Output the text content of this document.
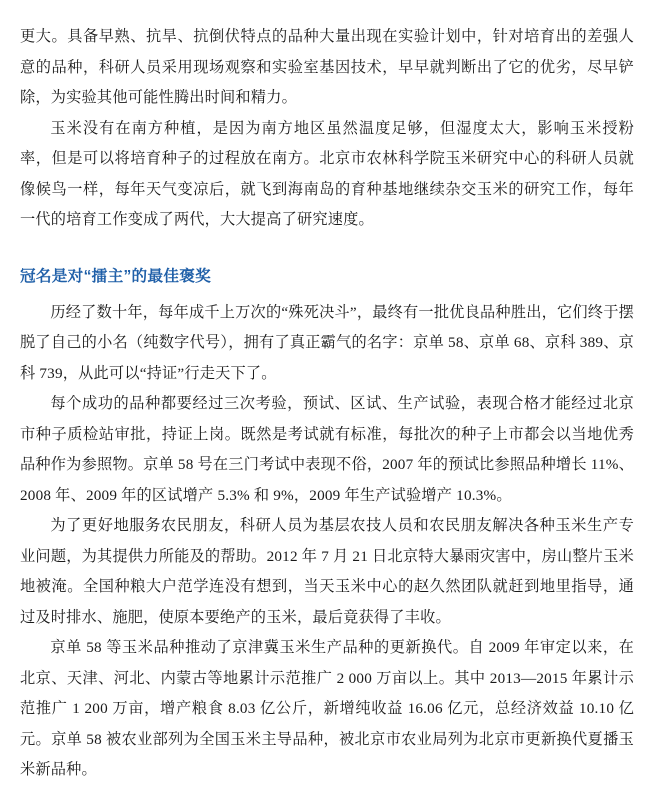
更大。具备早熟、抗旱、抗倒伏特点的品种大量出现在实验计划中，针对培育出的差强人意的品种，科研人员采用现场观察和实验室基因技术，早早就判断出了它的优劣，尽早铲除，为实验其他可能性腾出时间和精力。

玉米没有在南方种植，是因为南方地区虽然温度足够，但湿度太大，影响玉米授粉率，但是可以将培育种子的过程放在南方。北京市农林科学院玉米研究中心的科研人员就像候鸟一样，每年天气变凉后，就飞到海南岛的育种基地继续杂交玉米的研究工作，每年一代的培育工作变成了两代，大大提高了研究速度。

冠名是对“擂主”的最佳褒奖

历经了数十年，每年成千上万次的“殊死决斗”，最终有一批优良品种胜出，它们终于摆脱了自己的小名（纯数字代号），拥有了真正霸气的名字：京单 58、京单 68、京科 389、京科 739，从此可以“持证”行走天下了。

每个成功的品种都要经过三次考验，预试、区试、生产试验，表现合格才能经过北京市种子质检站审批，持证上岗。既然是考试就有标准，每批次的种子上市都会以当地优秀品种作为参照物。京单 58 号在三门考试中表现不俗，2007 年的预试比参照品种增长 11%、2008 年、2009 年的区试增产 5.3% 和 9%，2009 年生产试验增产 10.3%。

为了更好地服务农民朋友，科研人员为基层农技人员和农民朋友解决各种玉米生产专业问题，为其提供力所能及的帮助。2012 年 7 月 21 日北京特大暴雨灾害中，房山整片玉米地被淹。全国种粮大户范学连没有想到，当天玉米中心的赵久然团队就赶到地里指导，通过及时排水、施肥，使原本要绝产的玉米，最后竟获得了丰收。

京单 58 等玉米品种推动了京津冀玉米生产品种的更新换代。自 2009 年审定以来，在北京、天津、河北、内蒙古等地累计示范推广 2 000 万亩以上。其中 2013—2015 年累计示范推广 1 200 万亩，增产粮食 8.03 亿公斤，新增纯收益 16.06 亿元，总经济效益 10.10 亿元。京单 58 被农业部列为全国玉米主导品种，被北京市农业局列为北京市更新换代夏播玉米新品种。
